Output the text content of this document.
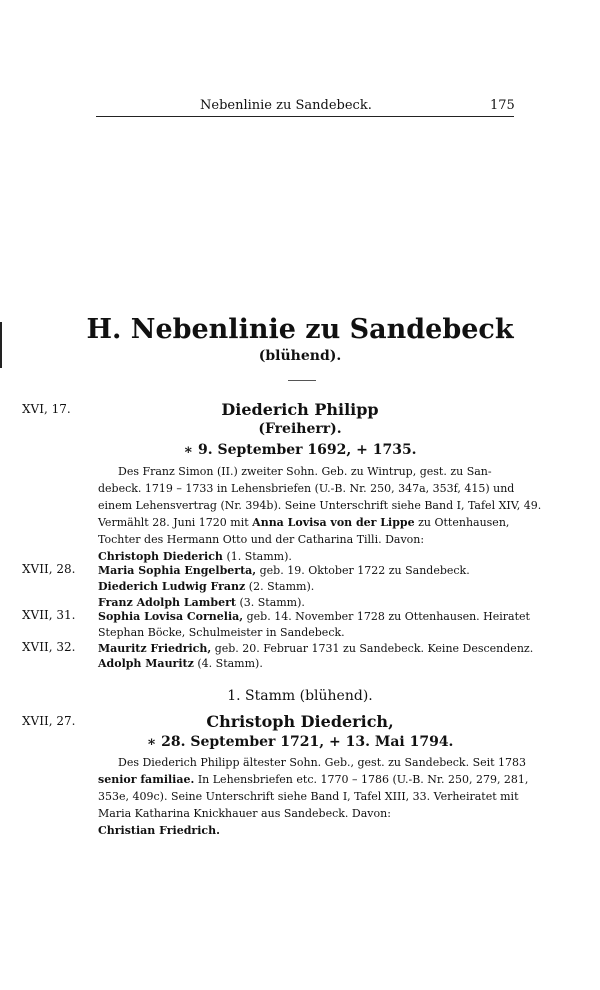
Nebenlinie zu Sandebeck.	175
H. Nebenlinie zu Sandebeck
(blühend).
XVI, 17.	Diederich Philipp
(Freiherr).
∗ 9. September 1692, + 1735.
Des Franz Simon (II.) zweiter Sohn. Geb. zu Wintrup, gest. zu San-
debeck. 1719 – 1733 in Lehensbriefen (U.-B. Nr. 250, 347a, 353f, 415) und
einem Lehensvertrag (Nr. 394b). Seine Unterschrift siehe Band I, Tafel XIV, 49.
Vermählt 28. Juni 1720 mit Anna Lovisa von der Lippe zu Ottenhausen,
Tochter des Hermann Otto und der Catharina Tilli. Davon:
Christoph Diederich (1. Stamm).
XVII, 28. Maria Sophia Engelberta, geb. 19. Oktober 1722 zu Sandebeck.
Diederich Ludwig Franz (2. Stamm).
Franz Adolph Lambert (3. Stamm).
XVII, 31. Sophia Lovisa Cornelia, geb. 14. November 1728 zu Ottenhausen. Heiratet
Stephan Böcke, Schulmeister in Sandebeck.
XVII, 32. Mauritz Friedrich, geb. 20. Februar 1731 zu Sandebeck. Keine Descendenz.
Adolph Mauritz (4. Stamm).
1. Stamm (blühend).
XVII, 27.	Christoph Diederich,
∗ 28. September 1721, + 13. Mai 1794.
Des Diederich Philipp ältester Sohn. Geb., gest. zu Sandebeck. Seit 1783
senior familiae. In Lehensbriefen etc. 1770 – 1786 (U.-B. Nr. 250, 279, 281,
353e, 409c). Seine Unterschrift siehe Band I, Tafel XIII, 33. Verheiratet mit
Maria Katharina Knickhauer aus Sandebeck. Davon:
Christian Friedrich.
